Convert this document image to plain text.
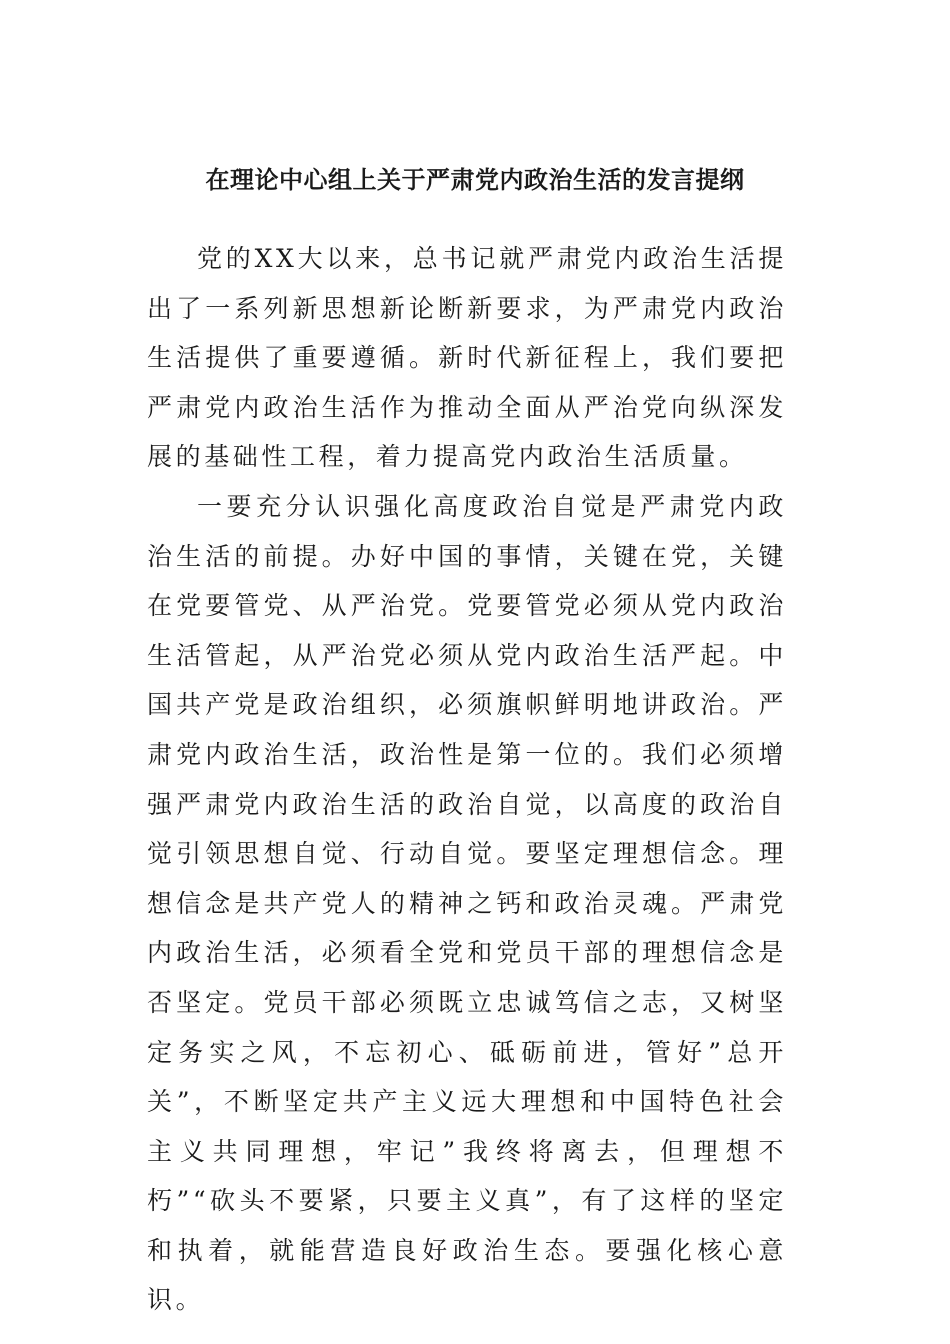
在理论中心组上关于严肃党内政治生活的发言提纲

党的XX大以来，总书记就严肃党内政治生活提出了一系列新思想新论断新要求，为严肃党内政治生活提供了重要遵循。新时代新征程上，我们要把严肃党内政治生活作为推动全面从严治党向纵深发展的基础性工程，着力提高党内政治生活质量。

一要充分认识强化高度政治自觉是严肃党内政治生活的前提。办好中国的事情，关键在党，关键在党要管党、从严治党。党要管党必须从党内政治生活管起，从严治党必须从党内政治生活严起。中国共产党是政治组织，必须旗帜鲜明地讲政治。严肃党内政治生活，政治性是第一位的。我们必须增强严肃党内政治生活的政治自觉，以高度的政治自觉引领思想自觉、行动自觉。要坚定理想信念。理想信念是共产党人的精神之钙和政治灵魂。严肃党内政治生活，必须看全党和党员干部的理想信念是否坚定。党员干部必须既立忠诚笃信之志，又树坚定务实之风，不忘初心、砥砺前进，管好”总开关”，不断坚定共产主义远大理想和中国特色社会主义共同理想，牢记”我终将离去，但理想不朽”“砍头不要紧，只要主义真”，有了这样的坚定和执着，就能营造良好政治生态。要强化核心意识。
